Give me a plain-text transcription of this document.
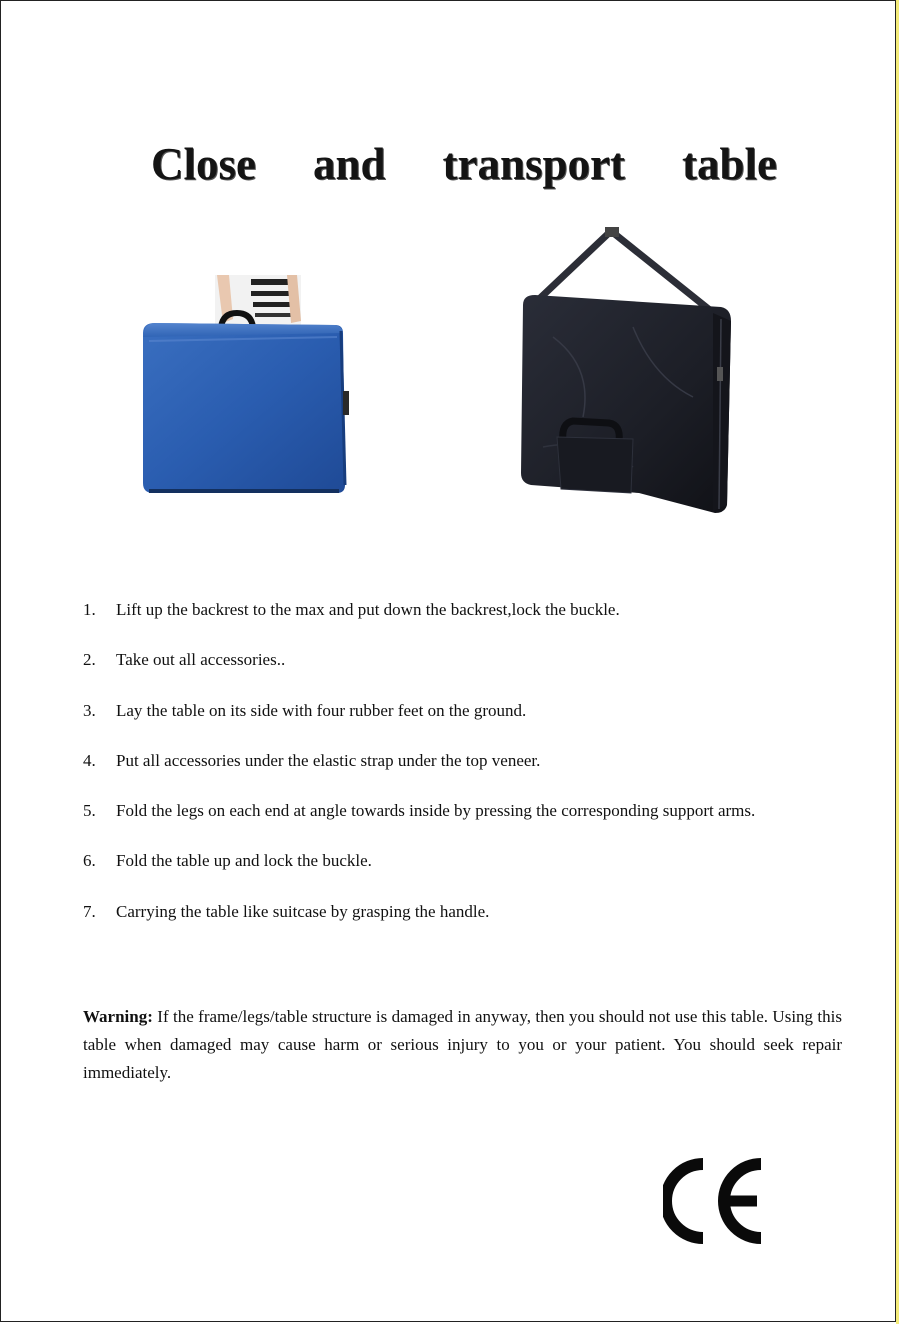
Close and transport table
1. Lift up the backrest to the max and put down the backrest,lock the buckle.
2. Take out all accessories..
3. Lay the table on its side with four rubber feet on the ground.
4. Put all accessories under the elastic strap under the top veneer.
5. Fold the legs on each end at angle towards inside by pressing the corresponding support arms.
6. Fold the table up and lock the buckle.
7. Carrying the table like suitcase by grasping the handle.

Warning: If the frame/legs/table structure is damaged in anyway, then you should not use this table. Using this table when damaged may cause harm or serious injury to you or your patient. You should seek repair immediately.
